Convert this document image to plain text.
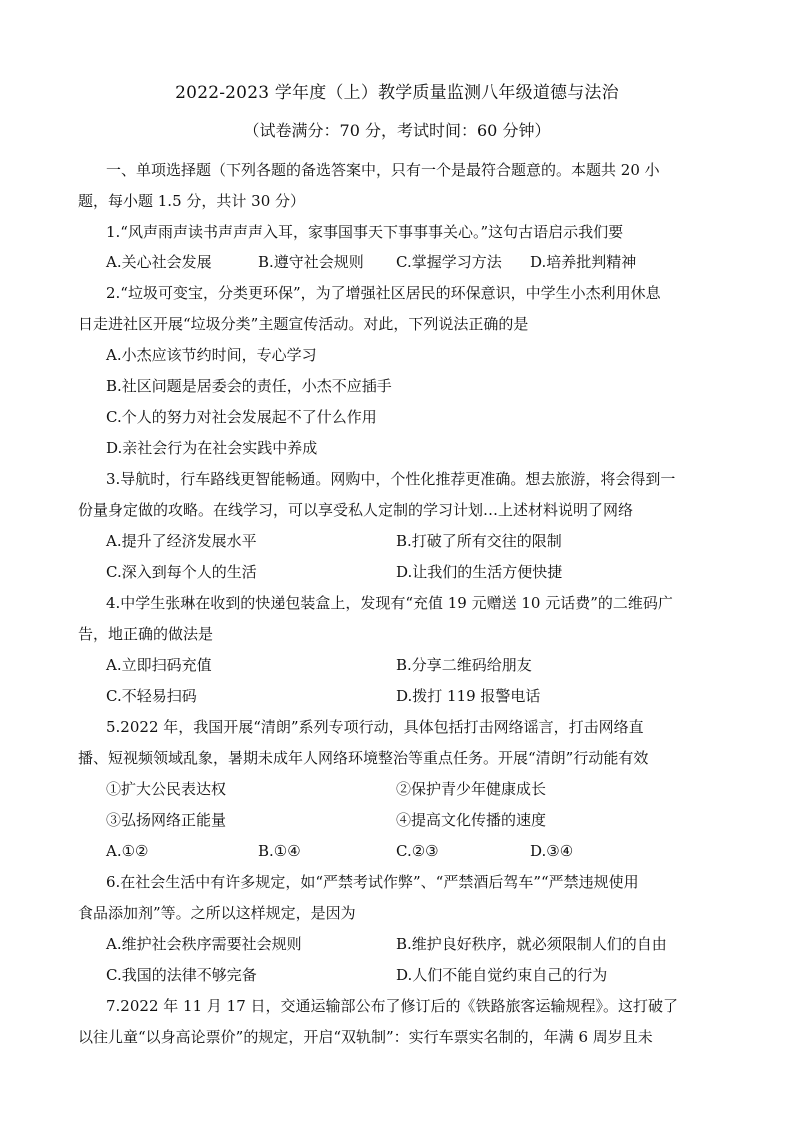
2022-2023 学年度（上）教学质量监测八年级道德与法治
（试卷满分：70 分，考试时间：60 分钟）
一、单项选择题（下列各题的备选答案中，只有一个是最符合题意的。本题共 20 小
题，每小题 1.5 分，共计 30 分）
1.“风声雨声读书声声声入耳，家事国事天下事事事关心。”这句古语启示我们要
A.关心社会发展	B.遵守社会规则 C.掌握学习方法 D.培养批判精神
2.“垃圾可变宝，分类更环保”，为了增强社区居民的环保意识，中学生小杰利用休息
日走进社区开展“垃圾分类”主题宣传活动。对此，下列说法正确的是
A.小杰应该节约时间，专心学习
B.社区问题是居委会的责任，小杰不应插手
C.个人的努力对社会发展起不了什么作用
D.亲社会行为在社会实践中养成
3.导航时，行车路线更智能畅通。网购中，个性化推荐更准确。想去旅游，将会得到一
份量身定做的攻略。在线学习，可以享受私人定制的学习计划…上述材料说明了网络
A.提升了经济发展水平	B.打破了所有交往的限制
C.深入到每个人的生活	D.让我们的生活方便快捷
4.中学生张琳在收到的快递包装盒上，发现有“充值 19 元赠送 10 元话费”的二维码广
告，地正确的做法是
A.立即扫码充值	B.分享二维码给朋友
C.不轻易扫码	D.拨打 119 报警电话
5.2022 年，我国开展“清朗”系列专项行动，具体包括打击网络谣言，打击网络直
播、短视频领域乱象，暑期未成年人网络环境整治等重点任务。开展“清朗”行动能有效
①扩大公民表达权	②保护青少年健康成长
③弘扬网络正能量	④提高文化传播的速度
A.①②	B.①④	C.②③	D.③④
6.在社会生活中有许多规定，如“严禁考试作弊”、“严禁酒后驾车”“严禁违规使用
食品添加剂”等。之所以这样规定，是因为
A.维护社会秩序需要社会规则	B.维护良好秩序，就必须限制人们的自由
C.我国的法律不够完备	D.人们不能自觉约束自己的行为
7.2022 年 11 月 17 日，交通运输部公布了修订后的《铁路旅客运输规程》。这打破了
以往儿童“以身高论票价”的规定，开启“双轨制”：实行车票实名制的，年满 6 周岁且未
